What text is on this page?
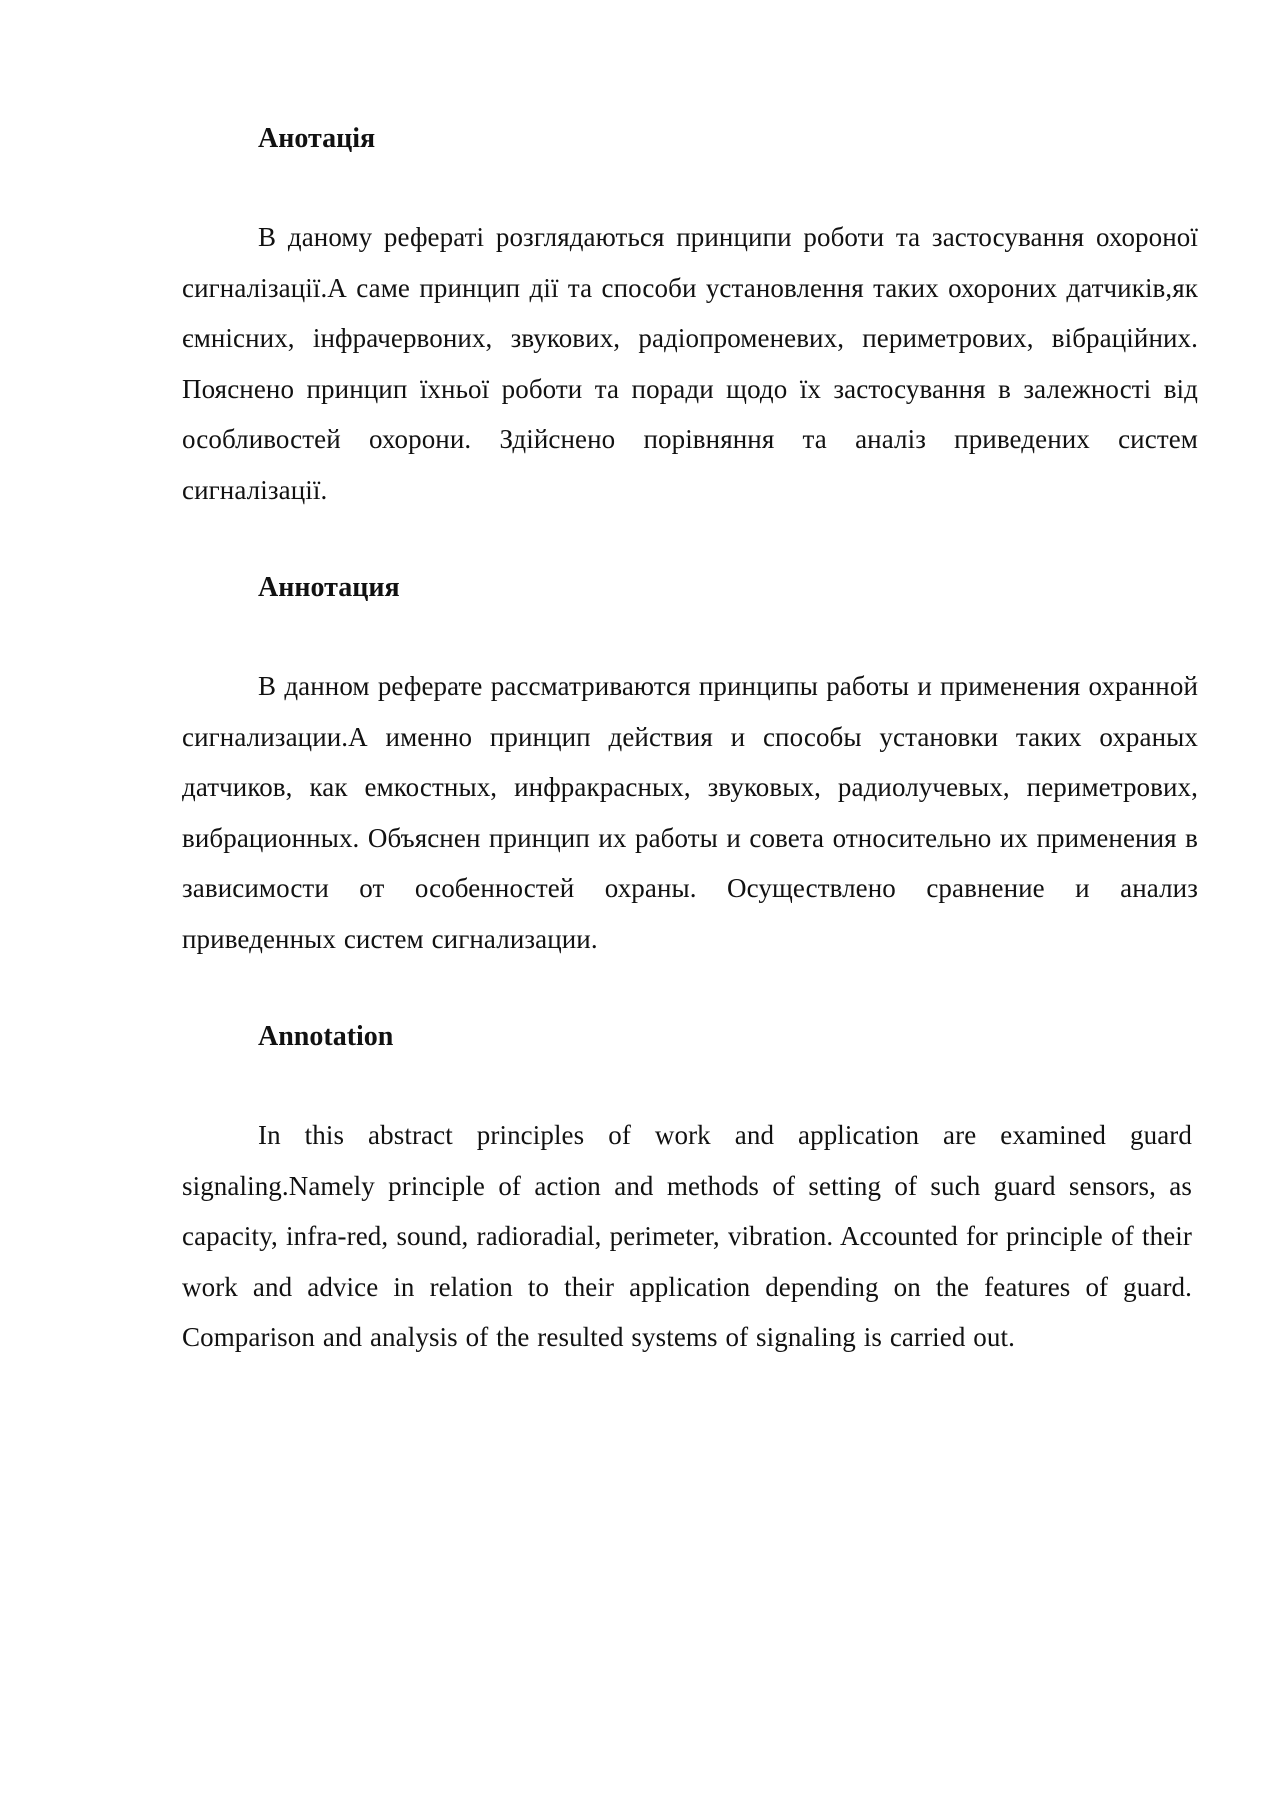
Анотація

В даному рефераті розглядаються принципи роботи та застосування охороної сигналізації.А саме принцип дії та способи установлення таких охороних датчиків,як ємнісних, інфрачервоних, звукових, радіопроменевих, периметрових, вібраційних. Пояснено принцип їхньої роботи та поради щодо їх застосування в залежності від особливостей охорони. Здійснено порівняння та аналіз приведених систем сигналізації.

Аннотация

В данном реферате рассматриваются принципы работы и применения охранной сигнализации.А именно принцип действия и способы установки таких охраных датчиков, как емкостных, инфракрасных, звуковых, радиолучевых, периметрових, вибрационных. Объяснен принцип их работы и совета относительно их применения в зависимости от особенностей охраны. Осуществлено сравнение и анализ приведенных систем сигнализации.

Annotation

In this abstract principles of work and application are examined guard signaling.Namely principle of action and methods of setting of such guard sensors, as capacity, infra-red, sound, radioradial, perimeter, vibration. Accounted for principle of their work and advice in relation to their application depending on the features of guard. Comparison and analysis of the resulted systems of signaling is carried out.
